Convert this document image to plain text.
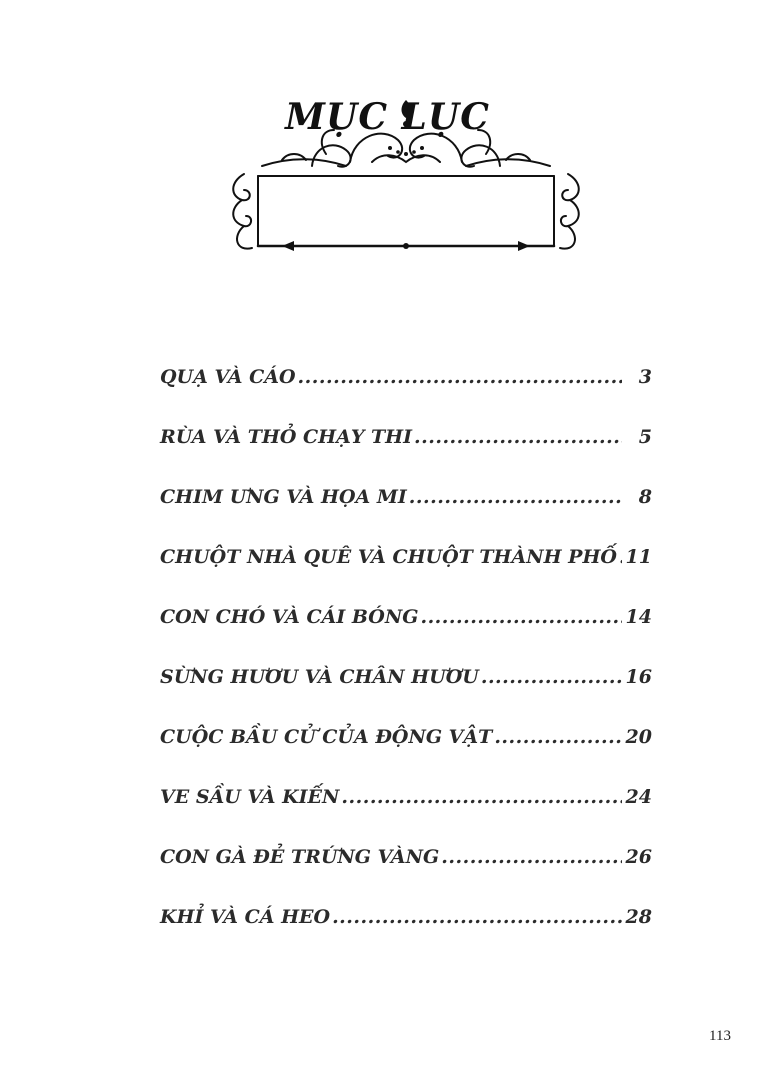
MỤC LỤC
QUẠ VÀ CÁO .....	3
RÙA VÀ THỎ CHẠY THI .....	5
CHIM ƯNG VÀ HỌA MI .....	8
CHUỘT NHÀ QUÊ VÀ CHUỘT THÀNH PHỐ ..... 11
CON CHÓ VÀ CÁI BÓNG .....	14
SỪNG HƯƠU VÀ CHÂN HƯƠU .....	16
CUỘC BẦU CỬ CỦA ĐỘNG VẬT .....	20
VE SẦU VÀ KIẾN .....	24
CON GÀ ĐẺ TRỨNG VÀNG .....	26
KHỈ VÀ CÁ HEO .....	28
113
